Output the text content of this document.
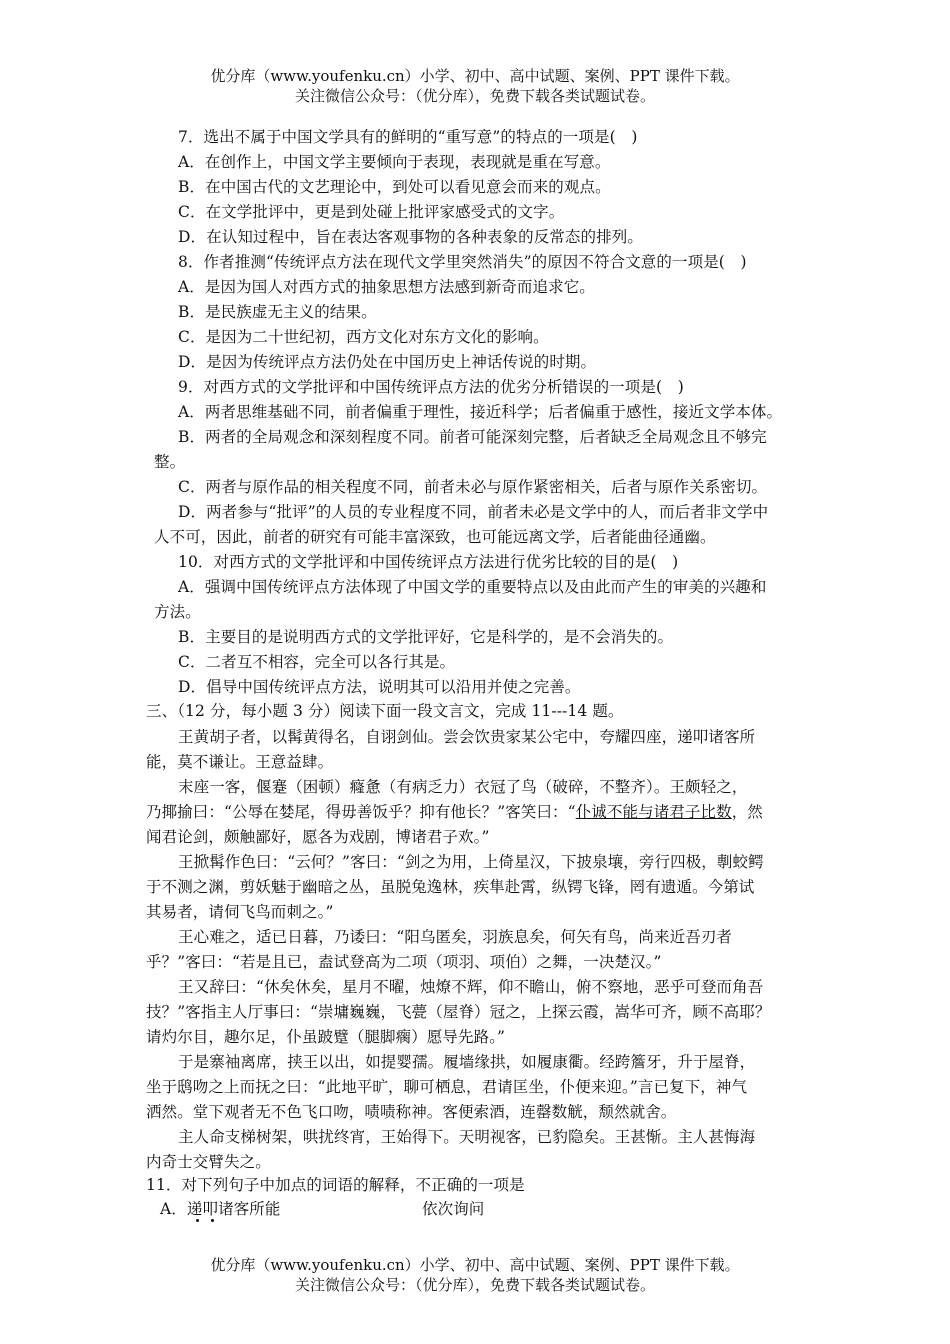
优分库（www.youfenku.cn）小学、初中、高中试题、案例、PPT 课件下载。
关注微信公众号：（优分库），免费下载各类试题试卷。
7．选出不属于中国文学具有的鲜明的“重写意”的特点的一项是(　)
A．在创作上，中国文学主要倾向于表现，表现就是重在写意。
B．在中国古代的文艺理论中，到处可以看见意会而来的观点。
C．在文学批评中，更是到处碰上批评家感受式的文字。
D．在认知过程中，旨在表达客观事物的各种表象的反常态的排列。
8．作者推测“传统评点方法在现代文学里突然消失”的原因不符合文意的一项是(　)
A．是因为国人对西方式的抽象思想方法感到新奇而追求它。
B．是民族虚无主义的结果。
C．是因为二十世纪初，西方文化对东方文化的影响。
D．是因为传统评点方法仍处在中国历史上神话传说的时期。
9．对西方式的文学批评和中国传统评点方法的优劣分析错误的一项是(　)
A．两者思维基础不同，前者偏重于理性，接近科学；后者偏重于感性，接近文学本体。
B．两者的全局观念和深刻程度不同。前者可能深刻完整，后者缺乏全局观念且不够完
整。
C．两者与原作品的相关程度不同，前者未必与原作紧密相关，后者与原作关系密切。
D．两者参与“批评”的人员的专业程度不同，前者未必是文学中的人，而后者非文学中
人不可，因此，前者的研究有可能丰富深致，也可能远离文学，后者能曲径通幽。
10．对西方式的文学批评和中国传统评点方法进行优劣比较的目的是(　)
A．强调中国传统评点方法体现了中国文学的重要特点以及由此而产生的审美的兴趣和
方法。
B．主要目的是说明西方式的文学批评好，它是科学的，是不会消失的。
C．二者互不相容，完全可以各行其是。
D．倡导中国传统评点方法，说明其可以沿用并使之完善。
三、（12 分，每小题 3 分）阅读下面一段文言文，完成 11---14 题。
王黄胡子者，以髯黄得名，自诩剑仙。尝会饮贵家某公宅中，夸耀四座，递叩诸客所
能，莫不谦让。王意益肆。
末座一客，偃蹇（困顿）癃惫（有病乏力）衣冠了鸟（破碎，不整齐）。王颇轻之，
乃揶揄曰：“公辱在婪尾，得毋善饭乎？抑有他长？”客笑曰：“仆诚不能与诸君子比数，然
闻君论剑，颇触鄙好，愿各为戏剧，博诸君子欢。”
王掀髯作色曰：“云何？”客曰：“剑之为用，上倚星汉，下披泉壤，旁行四极，剸蛟鳄
于不测之渊，剪妖魅于幽暗之丛，虽脱兔逸林，疾隼赴霄，纵锷飞锋，罔有遗遁。今第试
其易者，请伺飞鸟而刺之。”
王心难之，适已日暮，乃诿曰：“阳乌匿矣，羽族息矣，何矢有鸟，尚来近吾刃者
乎？”客曰：“若是且已，盍试登高为二项（项羽、项伯）之舞，一决楚汉。”
王又辞曰：“休矣休矣，星月不曜，烛燎不辉，仰不瞻山，俯不察地，恶乎可登而角吾
技？”客指主人厅事曰：“崇墉巍巍，飞甍（屋脊）冠之，上探云霞，嵩华可齐，顾不高耶？
请灼尔目，趣尔足，仆虽跛躄（腿脚瘸）愿导先路。”
于是寨袖离席，挟王以出，如提婴孺。履墙缘拱，如履康衢。经跨簷牙，升于屋脊，
坐于鸱吻之上而抚之曰：“此地平旷，聊可栖息，君请匡坐，仆便来迎。”言已复下，神气
洒然。堂下观者无不色飞口吻，啧啧称神。客便索酒，连罄数觥，颓然就舍。
主人命支梯树架，哄扰终宵，王始得下。天明视客，已豹隐矣。王甚惭。主人甚悔海
内奇士交臂失之。
11．对下列句子中加点的词语的解释，不正确的一项是
A．递叩诸客所能	依次询问
优分库（www.youfenku.cn）小学、初中、高中试题、案例、PPT 课件下载。
关注微信公众号：（优分库），免费下载各类试题试卷。
